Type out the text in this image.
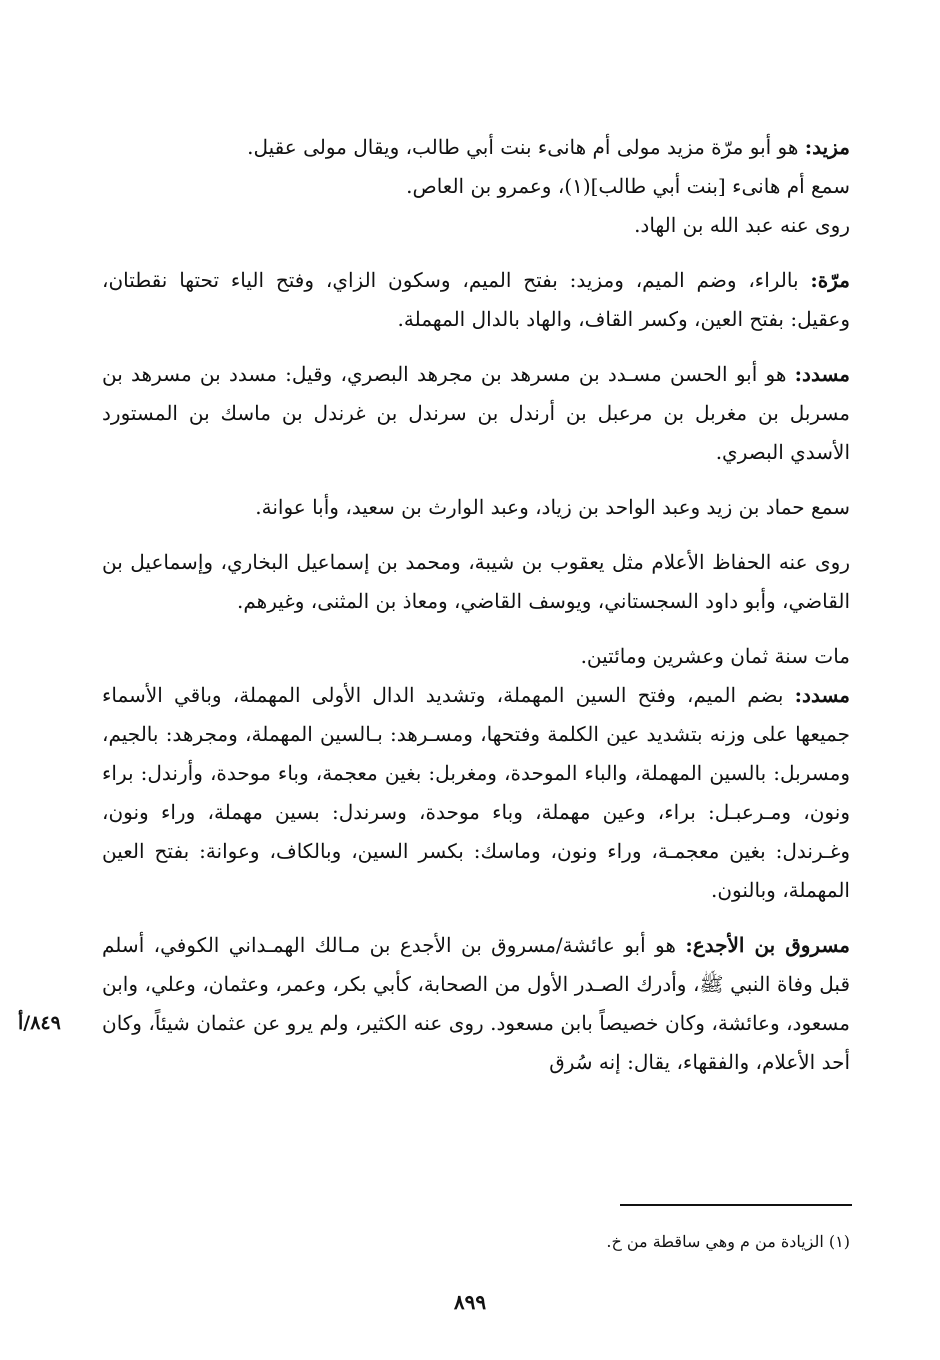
مزيد: هو أبو مرّة مزيد مولى أم هانىء بنت أبي طالب، ويقال مولى عقيل.

سمع أم هانىء [بنت أبي طالب](١)، وعمرو بن العاص.

روى عنه عبد الله بن الهاد.

مرّة: بالراء، وضم الميم، ومزيد: بفتح الميم، وسكون الزاي، وفتح الياء تحتها نقطتان، وعقيل: بفتح العين، وكسر القاف، والهاد بالدال المهملة.

مسدد: هو أبو الحسن مسـدد بن مسرهد بن مجرهد البصري، وقيل: مسدد بن مسرهد بن مسربل بن مغربل بن مرعبل بن أرندل بن سرندل بن غرندل بن ماسك بن المستورد الأسدي البصري.

سمع حماد بن زيد وعبد الواحد بن زياد، وعبد الوارث بن سعيد، وأبا عوانة.

روى عنه الحفاظ الأعلام مثل يعقوب بن شيبة، ومحمد بن إسماعيل البخاري، وإسماعيل بن القاضي، وأبو داود السجستاني، ويوسف القاضي، ومعاذ بن المثنى، وغيرهم.

مات سنة ثمان وعشرين ومائتين.

مسدد: بضم الميم، وفتح السين المهملة، وتشديد الدال الأولى المهملة، وباقي الأسماء جميعها على وزنه بتشديد عين الكلمة وفتحها، ومسـرهد: بـالسين المهملة، ومجرهد: بالجيم، ومسربل: بالسين المهملة، والباء الموحدة، ومغربل: بغين معجمة، وباء موحدة، وأرندل: براء ونون، ومـرعبـل: براء، وعين مهملة، وباء موحدة، وسرندل: بسين مهملة، وراء ونون، وغـرندل: بغين معجمـة، وراء ونون، وماسك: بكسر السين، وبالكاف، وعوانة: بفتح العين المهملة، وبالنون.

مسروق بن الأجدع: هو أبو عائشة/مسروق بن الأجدع بن مـالك الهمـداني الكوفي، أسلم قبل وفاة النبي ﷺ، وأدرك الصـدر الأول من الصحابة، كأبي بكر، وعمر، وعثمان، وعلي، وابن مسعود، وعائشة، وكان خصيصاً بابن مسعود. روى عنه الكثير، ولم يرو عن عثمان شيئاً، وكان أحد الأعلام، والفقهاء، يقال: إنه سُرق

٨٤٩/أ
(١) الزيادة من م وهي ساقطة من خ.
٨٩٩
